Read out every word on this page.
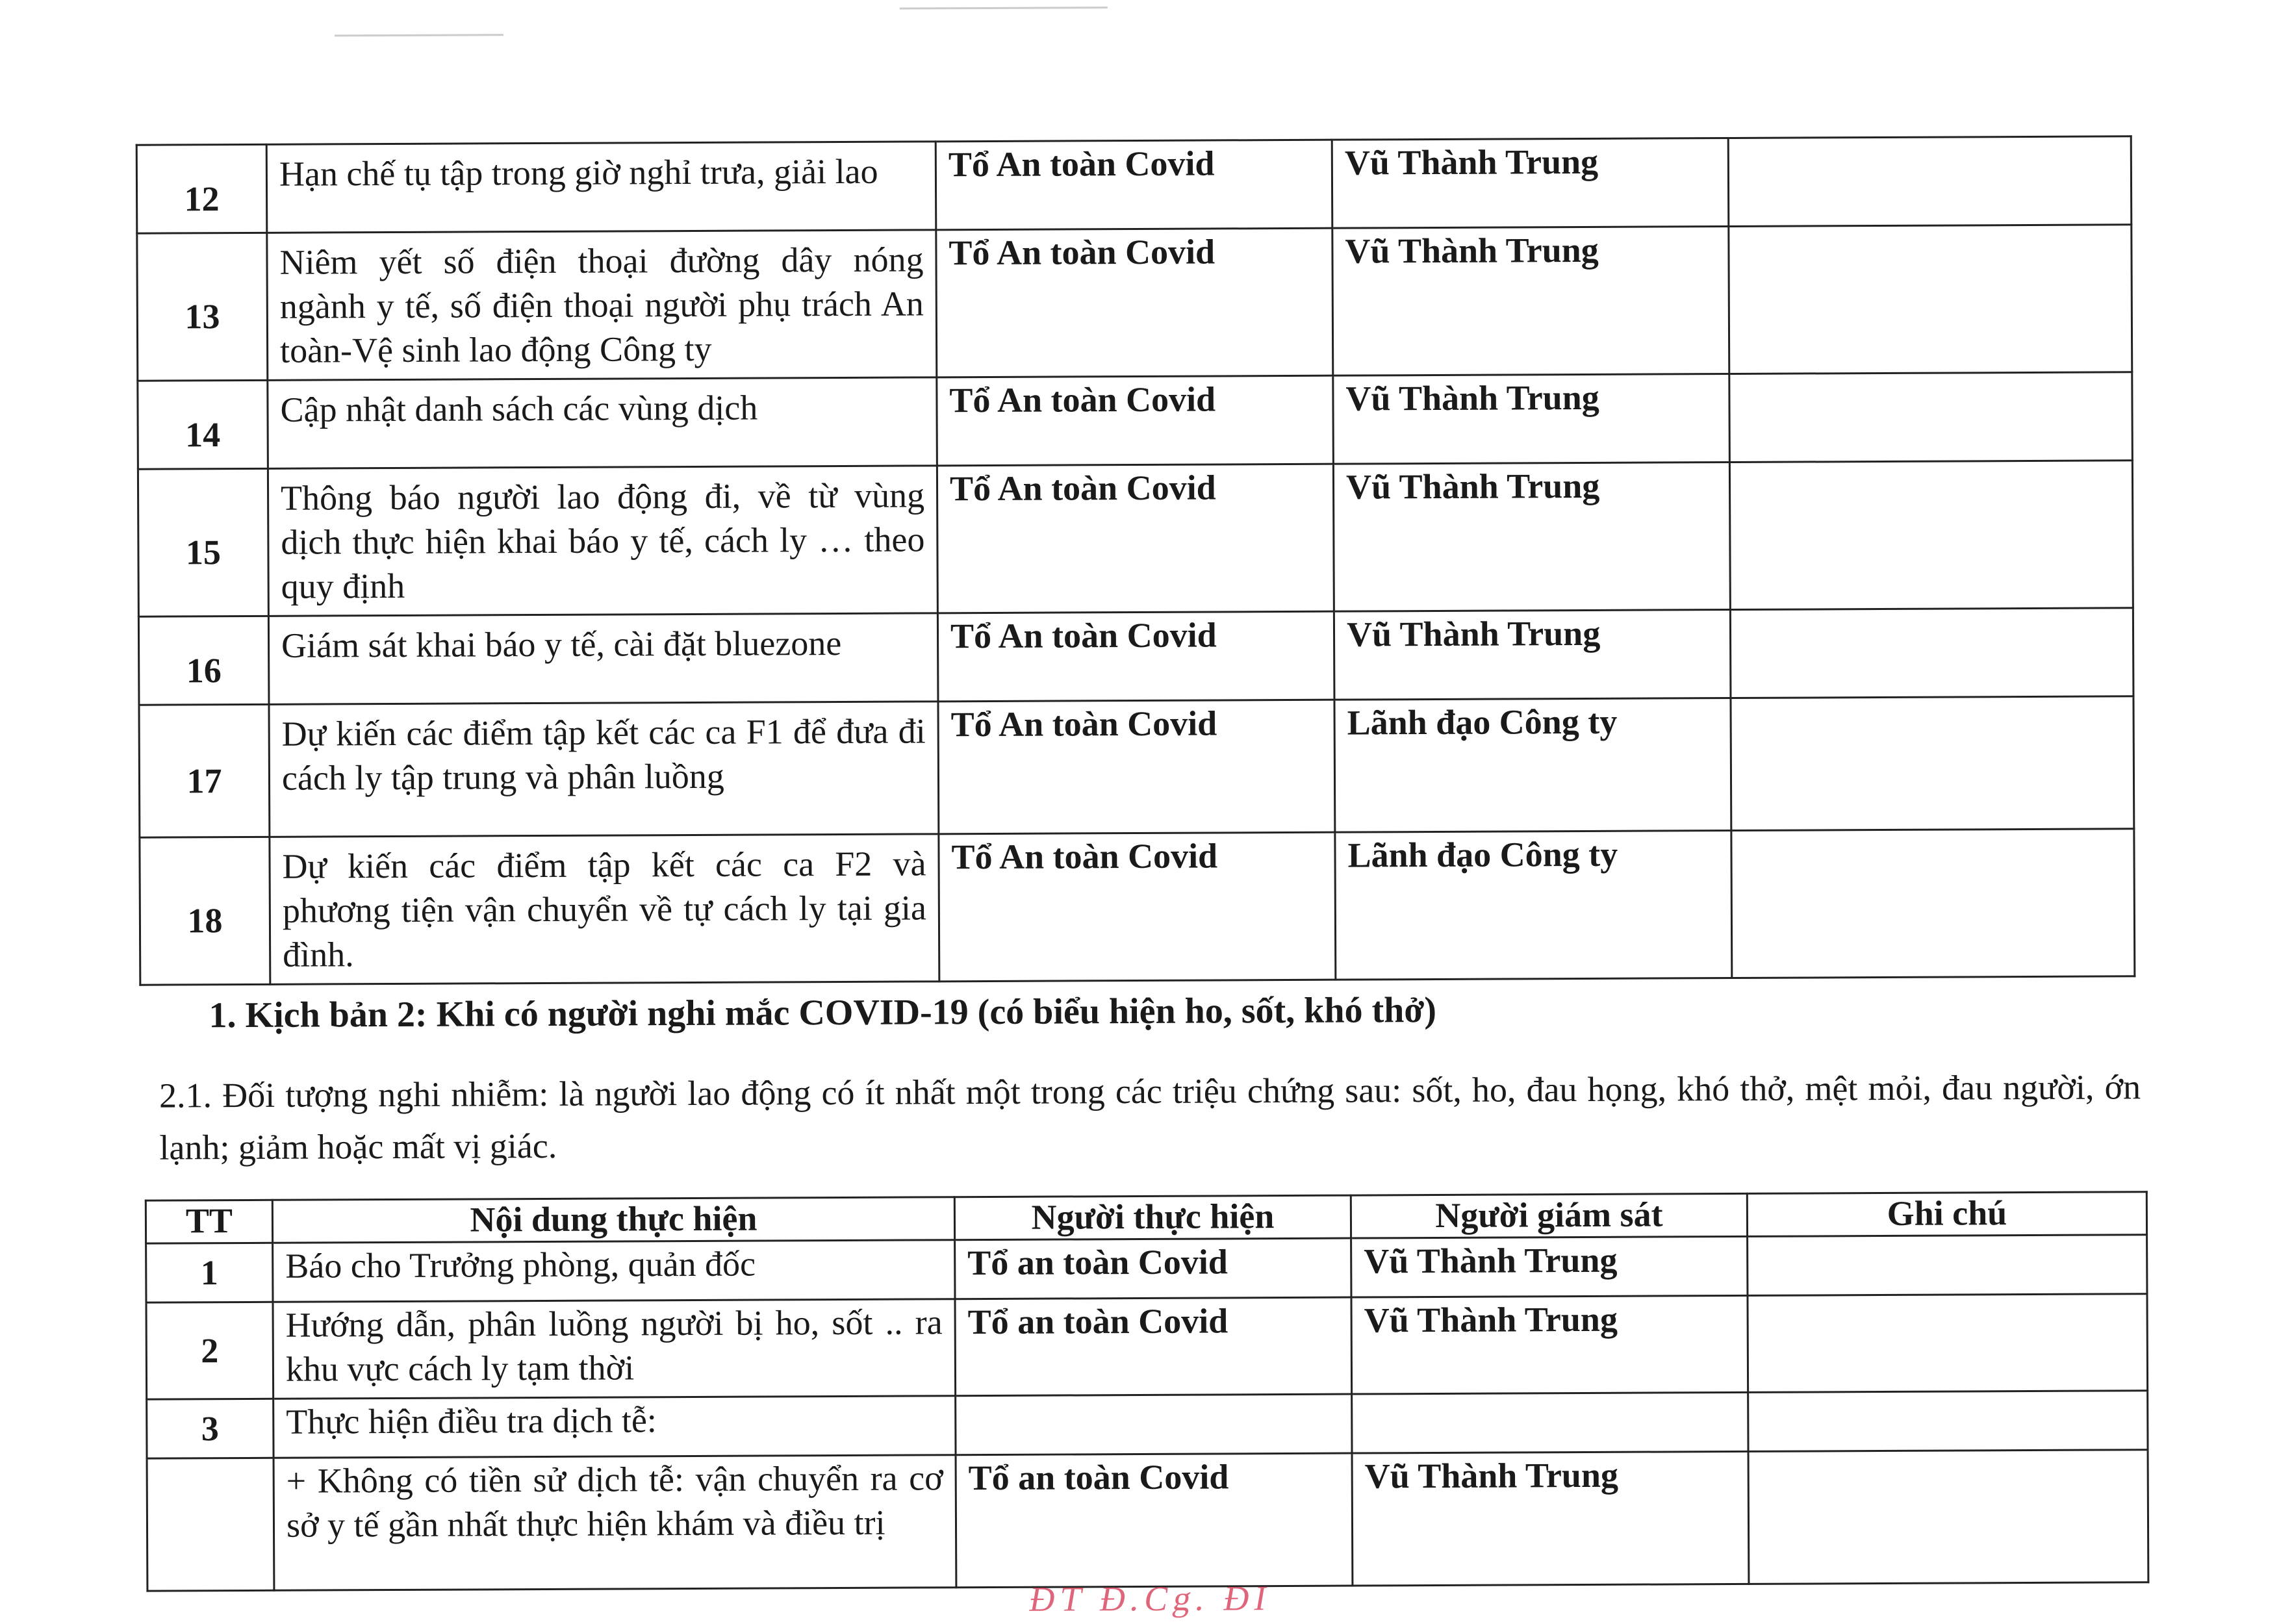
12	Hạn chế tụ tập trong giờ nghỉ trưa, giải lao	Tổ An toàn Covid	Vũ Thành Trung	
13	Niêm yết số điện thoại đường dây nóng ngành y tế, số điện thoại người phụ trách An toàn-Vệ sinh lao động Công ty	Tổ An toàn Covid	Vũ Thành Trung	
14	Cập nhật danh sách các vùng dịch	Tổ An toàn Covid	Vũ Thành Trung	
15	Thông báo người lao động đi, về từ vùng dịch thực hiện khai báo y tế, cách ly … theo quy định	Tổ An toàn Covid	Vũ Thành Trung	
16	Giám sát khai báo y tế, cài đặt bluezone	Tổ An toàn Covid	Vũ Thành Trung	
17	Dự kiến các điểm tập kết các ca F1 để đưa đi cách ly tập trung và phân luồng	Tổ An toàn Covid	Lãnh đạo Công ty	
18	Dự kiến các điểm tập kết các ca F2 và phương tiện vận chuyển về tự cách ly tại gia đình.	Tổ An toàn Covid	Lãnh đạo Công ty	
1. Kịch bản 2: Khi có người nghi mắc COVID-19 (có biểu hiện ho, sốt, khó thở)
2.1. Đối tượng nghi nhiễm: là người lao động có ít nhất một trong các triệu chứng sau: sốt, ho, đau họng, khó thở, mệt mỏi, đau người, ớn lạnh; giảm hoặc mất vị giác.
TT	Nội dung thực hiện	Người thực hiện	Người giám sát	Ghi chú
1	Báo cho Trưởng phòng, quản đốc	Tổ an toàn Covid	Vũ Thành Trung	
2	Hướng dẫn, phân luồng người bị ho, sốt .. ra khu vực cách ly tạm thời	Tổ an toàn Covid	Vũ Thành Trung	
3	Thực hiện điều tra dịch tễ:			
	+ Không có tiền sử dịch tễ: vận chuyển ra cơ sở y tế gần nhất thực hiện khám và điều trị	Tổ an toàn Covid	Vũ Thành Trung	
ĐT Đ.Cg. ĐI
